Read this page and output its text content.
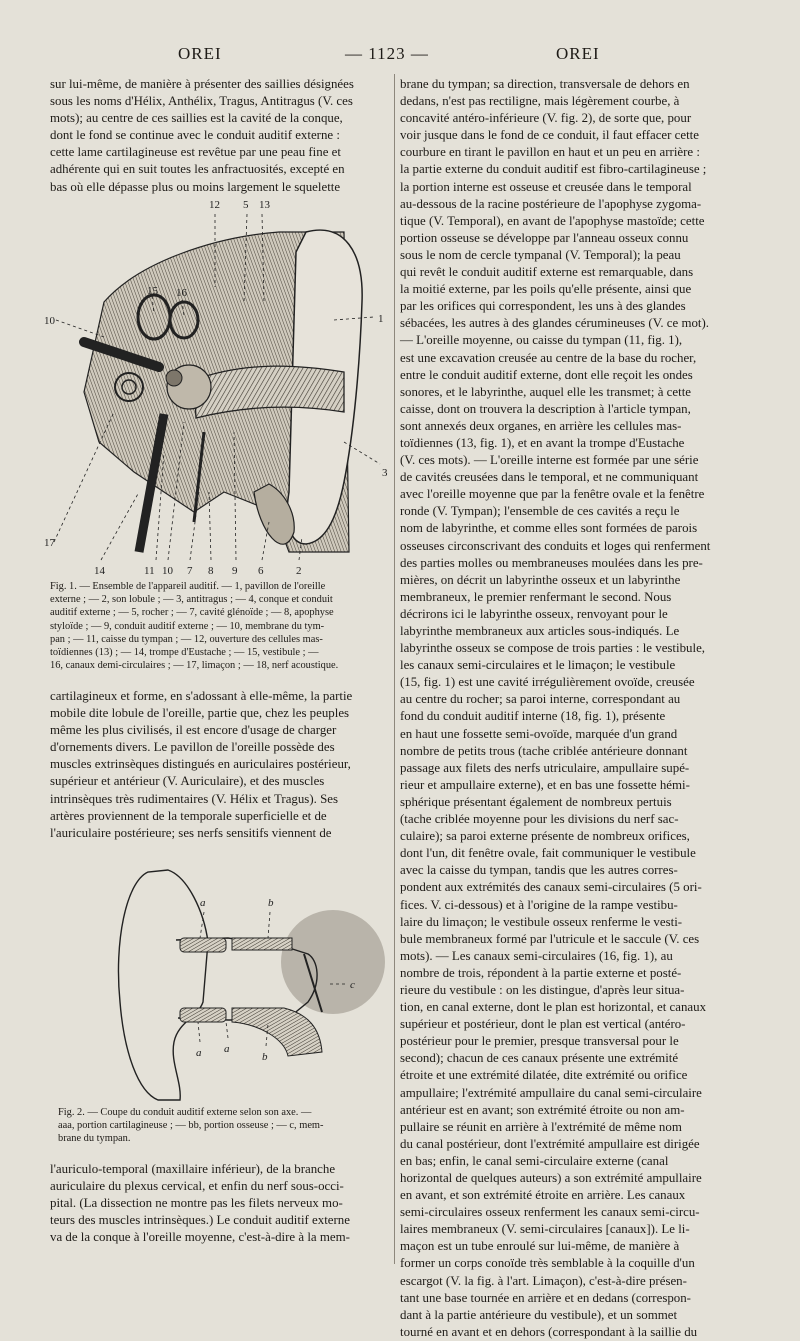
OREI	— 1123 —	OREI

sur lui-même, de manière à présenter des saillies désignées

sous les noms d'Hélix, Anthélix, Tragus, Antitragus (V. ces

mots); au centre de ces saillies est la cavité de la conque,

dont le fond se continue avec le conduit auditif externe :

cette lame cartilagineuse est revêtue par une peau fine et

adhérente qui en suit toutes les anfractuosités, excepté en

bas où elle dépasse plus ou moins largement le squelette

12 5 13
15 16
10	1
3
17
14	11 10 7 8 9 6	2
Fig. 1. — Ensemble de l'appareil auditif. — 1, pavillon de l'oreille
externe ; — 2, son lobule ; — 3, antitragus ; — 4, conque et conduit
auditif externe ; — 5, rocher ; — 7, cavité glénoïde ; — 8, apophyse
styloïde ; — 9, conduit auditif externe ; — 10, membrane du tym-
pan ; — 11, caisse du tympan ; — 12, ouverture des cellules mas-
toïdiennes (13) ; — 14, trompe d'Eustache ; — 15, vestibule ; —
16, canaux demi-circulaires ; — 17, limaçon ; — 18, nerf acoustique.

cartilagineux et forme, en s'adossant à elle-même, la partie

mobile dite lobule de l'oreille, partie que, chez les peuples

même les plus civilisés, il est encore d'usage de charger

d'ornements divers. Le pavillon de l'oreille possède des

muscles extrinsèques distingués en auriculaires postérieur,

supérieur et antérieur (V. Auriculaire), et des muscles

intrinsèques très rudimentaires (V. Hélix et Tragus). Ses

artères proviennent de la temporale superficielle et de

l'auriculaire postérieure; ses nerfs sensitifs viennent de

a	b
c
a a
b
Fig. 2. — Coupe du conduit auditif externe selon son axe. —
aaa, portion cartilagineuse ; — bb, portion osseuse ; — c, mem-
brane du tympan.

l'auriculo-temporal (maxillaire inférieur), de la branche

auriculaire du plexus cervical, et enfin du nerf sous-occi-

pital. (La dissection ne montre pas les filets nerveux mo-

teurs des muscles intrinsèques.) Le conduit auditif externe

va de la conque à l'oreille moyenne, c'est-à-dire à la mem-

brane du tympan; sa direction, transversale de dehors en

dedans, n'est pas rectiligne, mais légèrement courbe, à

concavité antéro-inférieure (V. fig. 2), de sorte que, pour

voir jusque dans le fond de ce conduit, il faut effacer cette

courbure en tirant le pavillon en haut et un peu en arrière :

la partie externe du conduit auditif est fibro-cartilagineuse ;

la portion interne est osseuse et creusée dans le temporal

au-dessous de la racine postérieure de l'apophyse zygoma-

tique (V. Temporal), en avant de l'apophyse mastoïde; cette

portion osseuse se développe par l'anneau osseux connu

sous le nom de cercle tympanal (V. Temporal); la peau

qui revêt le conduit auditif externe est remarquable, dans

la moitié externe, par les poils qu'elle présente, ainsi que

par les orifices qui correspondent, les uns à des glandes

sébacées, les autres à des glandes cérumineuses (V. ce mot).

— L'oreille moyenne, ou caisse du tympan (11, fig. 1),

est une excavation creusée au centre de la base du rocher,

entre le conduit auditif externe, dont elle reçoit les ondes

sonores, et le labyrinthe, auquel elle les transmet; à cette

caisse, dont on trouvera la description à l'article tympan,

sont annexés deux organes, en arrière les cellules mas-

toïdiennes (13, fig. 1), et en avant la trompe d'Eustache

(V. ces mots). — L'oreille interne est formée par une série

de cavités creusées dans le temporal, et ne communiquant

avec l'oreille moyenne que par la fenêtre ovale et la fenêtre

ronde (V. Tympan); l'ensemble de ces cavités a reçu le

nom de labyrinthe, et comme elles sont formées de parois

osseuses circonscrivant des conduits et loges qui renferment

des parties molles ou membraneuses moulées dans les pre-

mières, on décrit un labyrinthe osseux et un labyrinthe

membraneux, le premier renfermant le second. Nous

décrirons ici le labyrinthe osseux, renvoyant pour le

labyrinthe membraneux aux articles sous-indiqués. Le

labyrinthe osseux se compose de trois parties : le vestibule,

les canaux semi-circulaires et le limaçon; le vestibule

(15, fig. 1) est une cavité irrégulièrement ovoïde, creusée

au centre du rocher; sa paroi interne, correspondant au

fond du conduit auditif interne (18, fig. 1), présente

en haut une fossette semi-ovoïde, marquée d'un grand

nombre de petits trous (tache criblée antérieure donnant

passage aux filets des nerfs utriculaire, ampullaire supé-

rieur et ampullaire externe), et en bas une fossette hémi-

sphérique présentant également de nombreux pertuis

(tache criblée moyenne pour les divisions du nerf sac-

culaire); sa paroi externe présente de nombreux orifices,

dont l'un, dit fenêtre ovale, fait communiquer le vestibule

avec la caisse du tympan, tandis que les autres corres-

pondent aux extrémités des canaux semi-circulaires (5 ori-

fices. V. ci-dessous) et à l'origine de la rampe vestibu-

laire du limaçon; le vestibule osseux renferme le vesti-

bule membraneux formé par l'utricule et le saccule (V. ces

mots). — Les canaux semi-circulaires (16, fig. 1), au

nombre de trois, répondent à la partie externe et posté-

rieure du vestibule : on les distingue, d'après leur situa-

tion, en canal externe, dont le plan est horizontal, et canaux

supérieur et postérieur, dont le plan est vertical (antéro-

postérieur pour le premier, presque transversal pour le

second); chacun de ces canaux présente une extrémité

étroite et une extrémité dilatée, dite extrémité ou orifice

ampullaire; l'extrémité ampullaire du canal semi-circulaire

antérieur est en avant; son extrémité étroite ou non am-

pullaire se réunit en arrière à l'extrémité de même nom

du canal postérieur, dont l'extrémité ampullaire est dirigée

en bas; enfin, le canal semi-circulaire externe (canal

horizontal de quelques auteurs) a son extrémité ampullaire

en avant, et son extrémité étroite en arrière. Les canaux

semi-circulaires osseux renferment les canaux semi-circu-

laires membraneux (V. semi-circulaires [canaux]). Le li-

maçon est un tube enroulé sur lui-même, de manière à

former un corps conoïde très semblable à la coquille d'un

escargot (V. la fig. à l'art. Limaçon), c'est-à-dire présen-

tant une base tournée en arrière et en dedans (correspon-

dant à la partie antérieure du vestibule), et un sommet

tourné en avant et en dehors (correspondant à la saillie du
